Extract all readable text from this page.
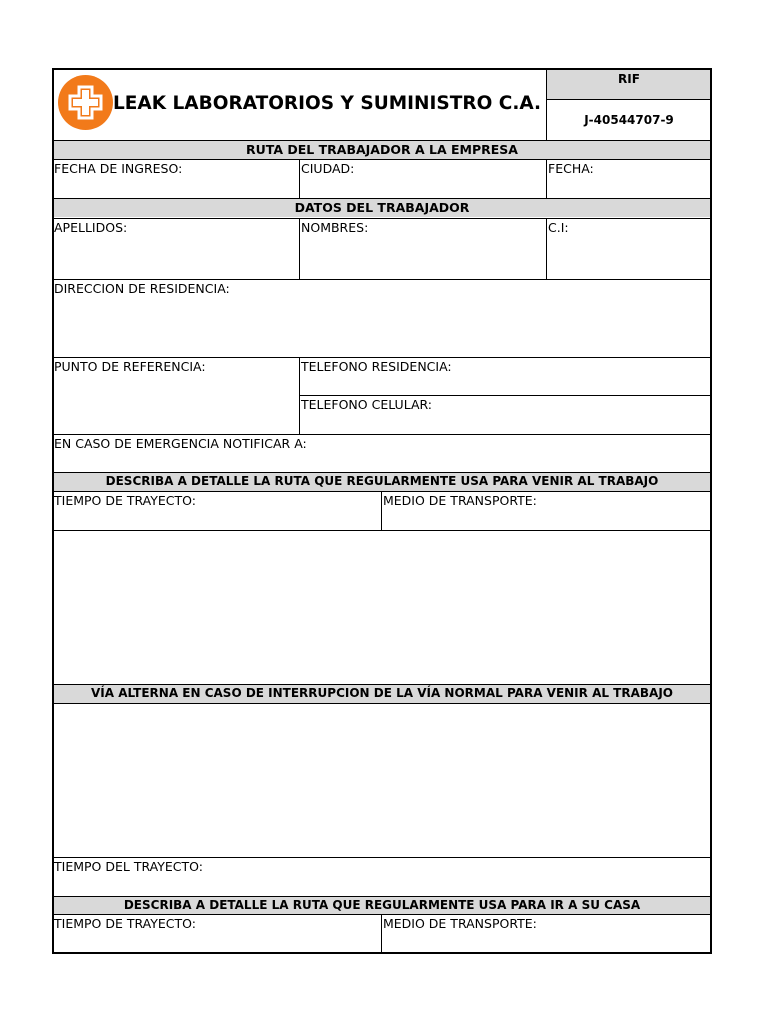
LEAK LABORATORIOS Y SUMINISTRO C.A.
RIF
J-40544707-9
RUTA DEL TRABAJADOR A LA EMPRESA
DATOS DEL TRABAJADOR
DESCRIBA A DETALLE LA RUTA QUE REGULARMENTE USA PARA VENIR AL TRABAJO
VÍA ALTERNA EN CASO DE INTERRUPCION DE LA VÍA NORMAL PARA VENIR AL TRABAJO
DESCRIBA A DETALLE LA RUTA QUE REGULARMENTE USA PARA IR A SU CASA
FECHA DE INGRESO:	CIUDAD:	FECHA:
APELLIDOS:	NOMBRES:	C.I:
DIRECCION DE RESIDENCIA:
PUNTO DE REFERENCIA:	TELEFONO RESIDENCIA:
TELEFONO CELULAR:
EN CASO DE EMERGENCIA NOTIFICAR A:
TIEMPO DE TRAYECTO:	MEDIO DE TRANSPORTE:
TIEMPO DEL TRAYECTO:
TIEMPO DE TRAYECTO:	MEDIO DE TRANSPORTE:
